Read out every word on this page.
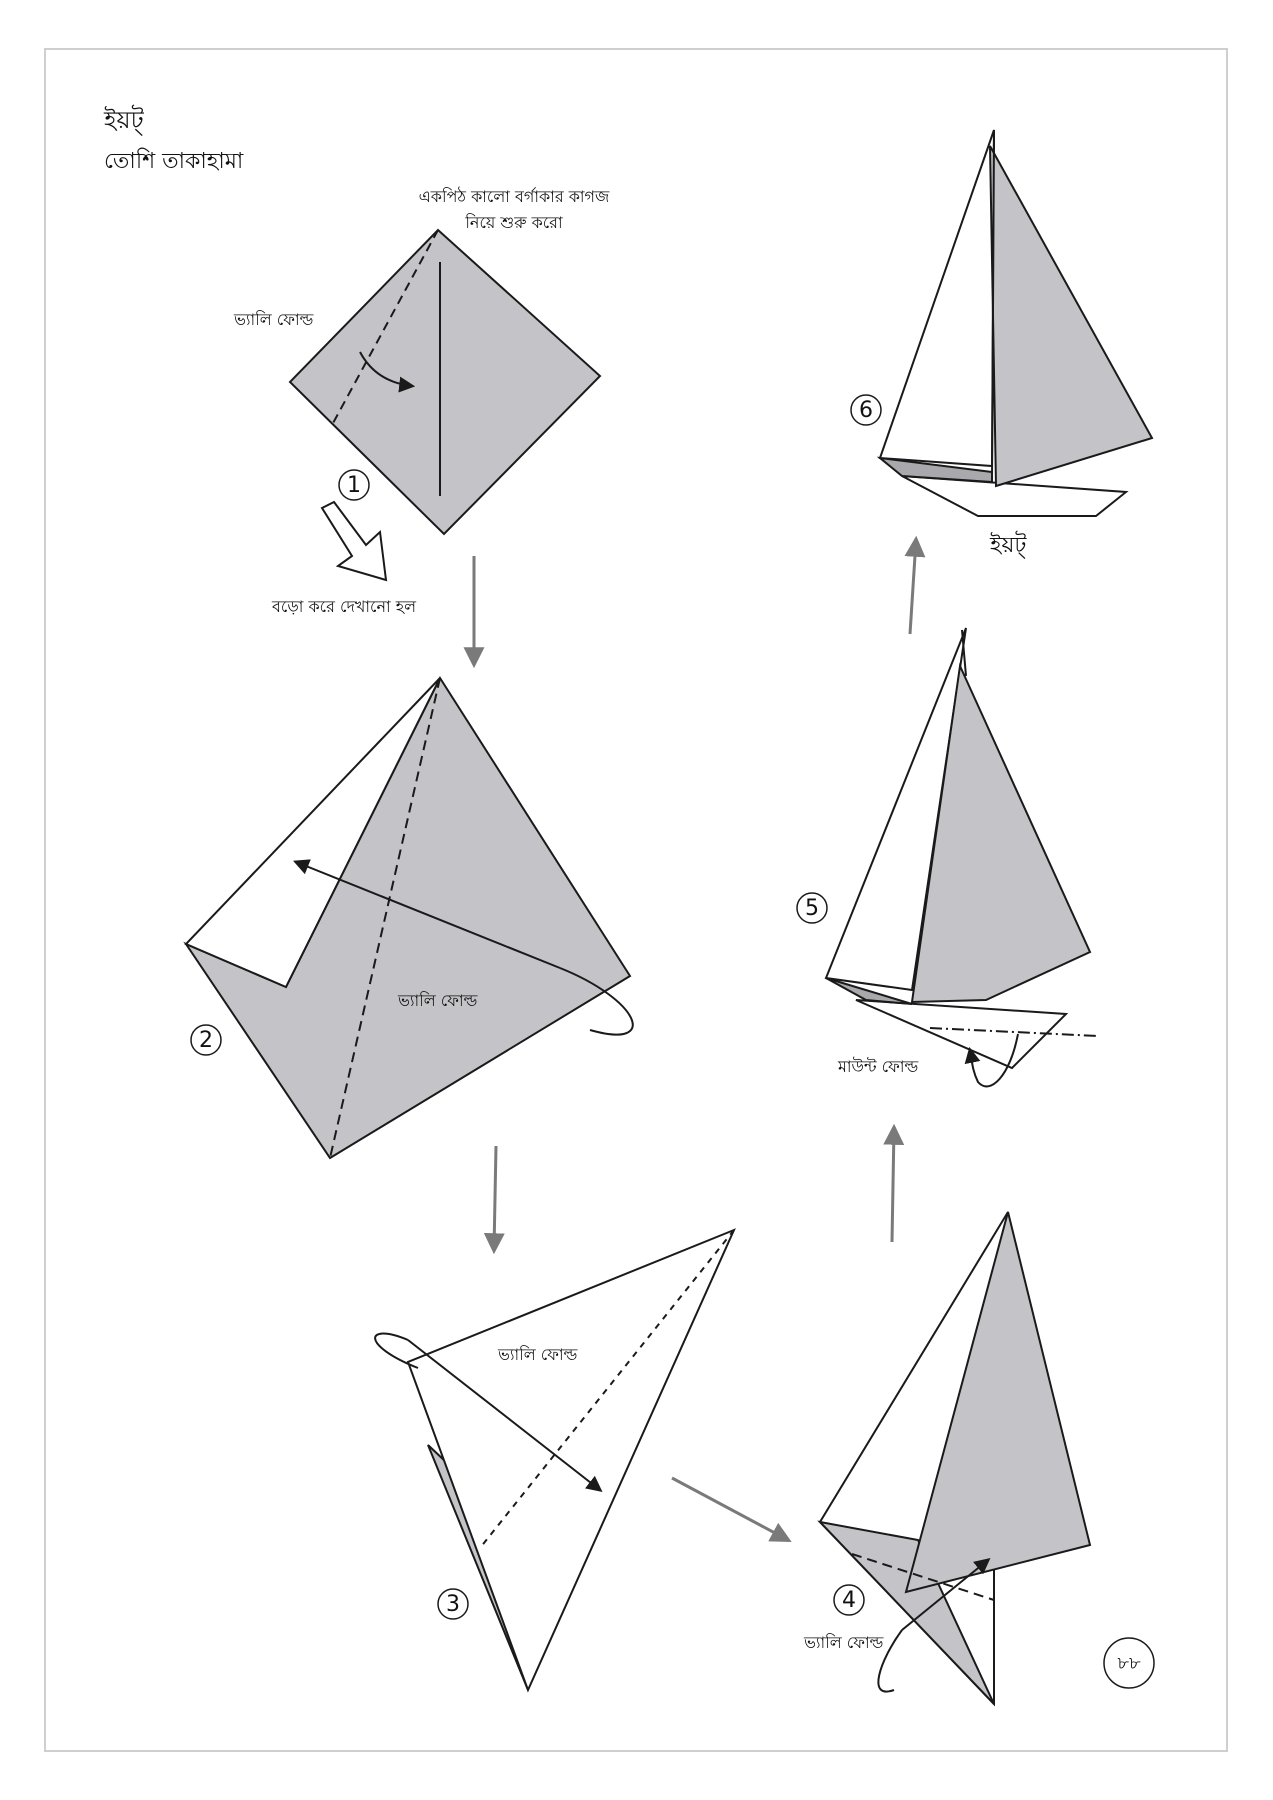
ইয়ট্
তোশি তাকাহামা
একপিঠ কালো বর্গাকার কাগজ
নিয়ে শুরু করো
ভ্যালি ফোল্ড
1
বড়ো করে দেখানো হল
ভ্যালি ফোল্ড
2
ভ্যালি ফোল্ড
3
ভ্যালি ফোল্ড
4
মাউন্ট ফোল্ড
5
6
ইয়ট্
৮৮
